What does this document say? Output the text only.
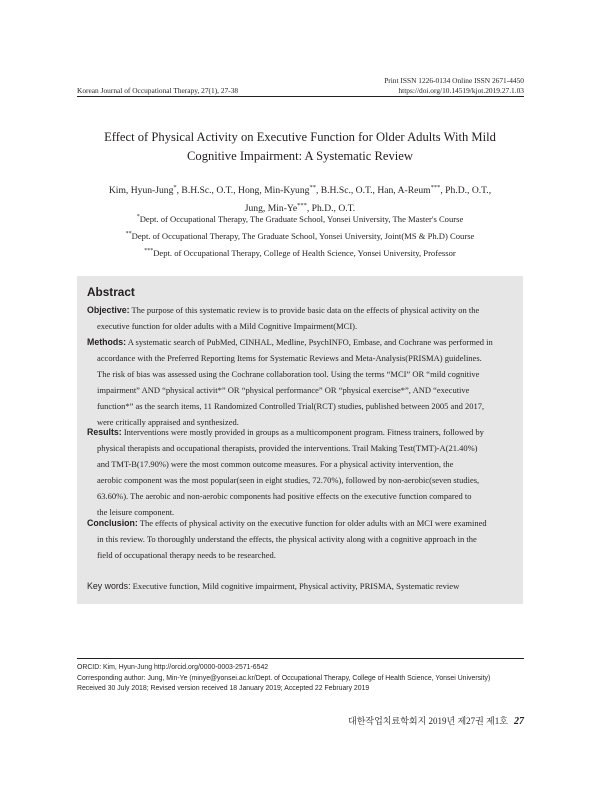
Print ISSN 1226-0134 Online ISSN 2671-4450
https://doi.org/10.14519/kjot.2019.27.1.03
Korean Journal of Occupational Therapy, 27(1), 27-38
Effect of Physical Activity on Executive Function for Older Adults With Mild
Cognitive Impairment: A Systematic Review
Kim, Hyun-Jung*, B.H.Sc., O.T., Hong, Min-Kyung**, B.H.Sc., O.T., Han, A-Reum***, Ph.D., O.T.,
Jung, Min-Ye***, Ph.D., O.T.
*Dept. of Occupational Therapy, The Graduate School, Yonsei University, The Master's Course
**Dept. of Occupational Therapy, The Graduate School, Yonsei University, Joint(MS & Ph.D) Course
***Dept. of Occupational Therapy, College of Health Science, Yonsei University, Professor
Abstract
Objective: The purpose of this systematic review is to provide basic data on the effects of physical activity on the
executive function for older adults with a Mild Cognitive Impairment(MCI).
Methods: A systematic search of PubMed, CINHAL, Medline, PsychINFO, Embase, and Cochrane was performed in
accordance with the Preferred Reporting Items for Systematic Reviews and Meta-Analysis(PRISMA) guidelines.
The risk of bias was assessed using the Cochrane collaboration tool. Using the terms “MCI” OR “mild cognitive
impairment” AND “physical activit*” OR “physical performance” OR “physical exercise*”, AND “executive
function*” as the search items, 11 Randomized Controlled Trial(RCT) studies, published between 2005 and 2017,
were critically appraised and synthesized.
Results: Interventions were mostly provided in groups as a multicomponent program. Fitness trainers, followed by
physical therapists and occupational therapists, provided the interventions. Trail Making Test(TMT)-A(21.40%)
and TMT-B(17.90%) were the most common outcome measures. For a physical activity intervention, the
aerobic component was the most popular(seen in eight studies, 72.70%), followed by non-aerobic(seven studies,
63.60%). The aerobic and non-aerobic components had positive effects on the executive function compared to
the leisure component.
Conclusion: The effects of physical activity on the executive function for older adults with an MCI were examined
in this review. To thoroughly understand the effects, the physical activity along with a cognitive approach in the
field of occupational therapy needs to be researched.
Key words: Executive function, Mild cognitive impairment, Physical activity, PRISMA, Systematic review
ORCID: Kim, Hyun-Jung http://orcid.org/0000-0003-2571-6542
Corresponding author: Jung, Min-Ye (minye@yonsei.ac.kr/Dept. of Occupational Therapy, College of Health Science, Yonsei University)
Received 30 July 2018; Revised version received 18 January 2019; Accepted 22 February 2019
대한작업치료학회지 2019년 제27권 제1호 27
